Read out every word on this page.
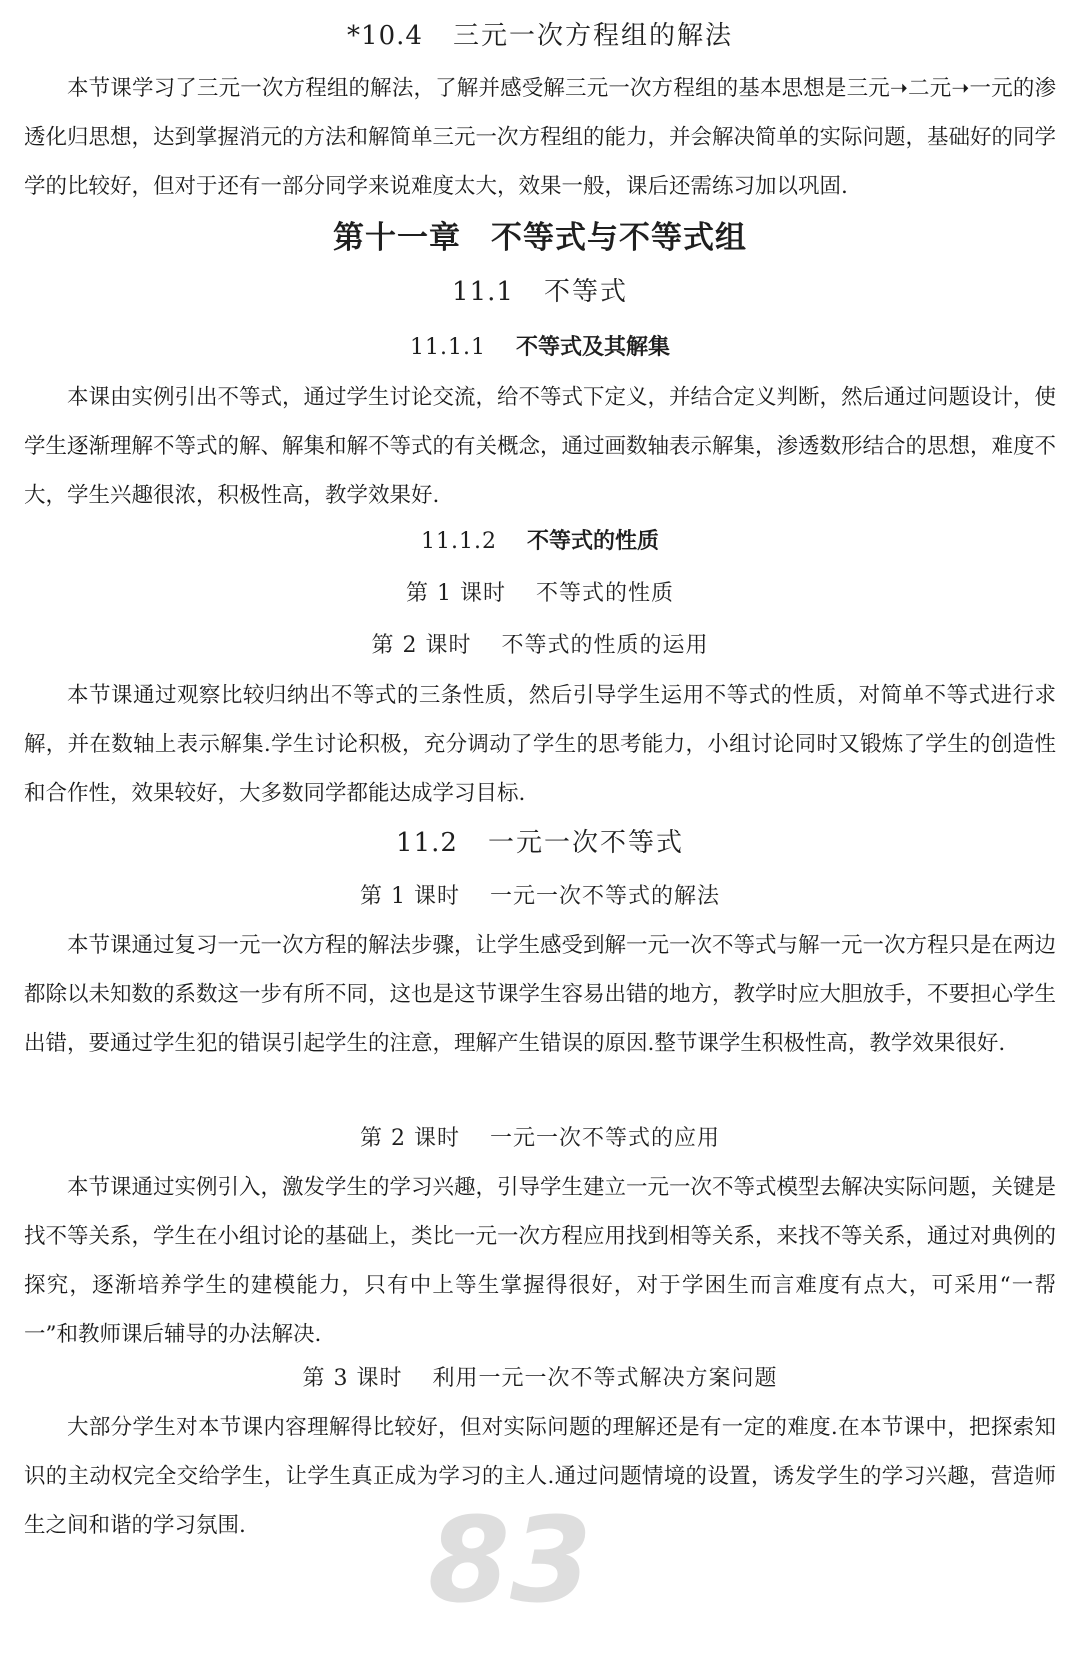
83
*10.4 三元一次方程组的解法
本节课学习了三元一次方程组的解法，了解并感受解三元一次方程组的基本思想是三元➝二元➝一元的渗透化归思想，达到掌握消元的方法和解简单三元一次方程组的能力，并会解决简单的实际问题，基础好的同学学的比较好，但对于还有一部分同学来说难度太大，效果一般，课后还需练习加以巩固.
第十一章 不等式与不等式组
11.1 不等式
11.1.1 不等式及其解集
本课由实例引出不等式，通过学生讨论交流，给不等式下定义，并结合定义判断，然后通过问题设计，使学生逐渐理解不等式的解、解集和解不等式的有关概念，通过画数轴表示解集，渗透数形结合的思想，难度不大，学生兴趣很浓，积极性高，教学效果好.
11.1.2 不等式的性质
第 1 课时 不等式的性质
第 2 课时 不等式的性质的运用
本节课通过观察比较归纳出不等式的三条性质，然后引导学生运用不等式的性质，对简单不等式进行求解，并在数轴上表示解集.学生讨论积极，充分调动了学生的思考能力，小组讨论同时又锻炼了学生的创造性和合作性，效果较好，大多数同学都能达成学习目标.
11.2 一元一次不等式
第 1 课时 一元一次不等式的解法
本节课通过复习一元一次方程的解法步骤，让学生感受到解一元一次不等式与解一元一次方程只是在两边都除以未知数的系数这一步有所不同，这也是这节课学生容易出错的地方，教学时应大胆放手，不要担心学生出错，要通过学生犯的错误引起学生的注意，理解产生错误的原因.整节课学生积极性高，教学效果很好.
第 2 课时 一元一次不等式的应用
本节课通过实例引入，激发学生的学习兴趣，引导学生建立一元一次不等式模型去解决实际问题，关键是找不等关系，学生在小组讨论的基础上，类比一元一次方程应用找到相等关系，来找不等关系，通过对典例的探究，逐渐培养学生的建模能力，只有中上等生掌握得很好，对于学困生而言难度有点大，可采用“一帮一”和教师课后辅导的办法解决.
第 3 课时 利用一元一次不等式解决方案问题
大部分学生对本节课内容理解得比较好，但对实际问题的理解还是有一定的难度.在本节课中，把探索知识的主动权完全交给学生，让学生真正成为学习的主人.通过问题情境的设置，诱发学生的学习兴趣，营造师生之间和谐的学习氛围.
